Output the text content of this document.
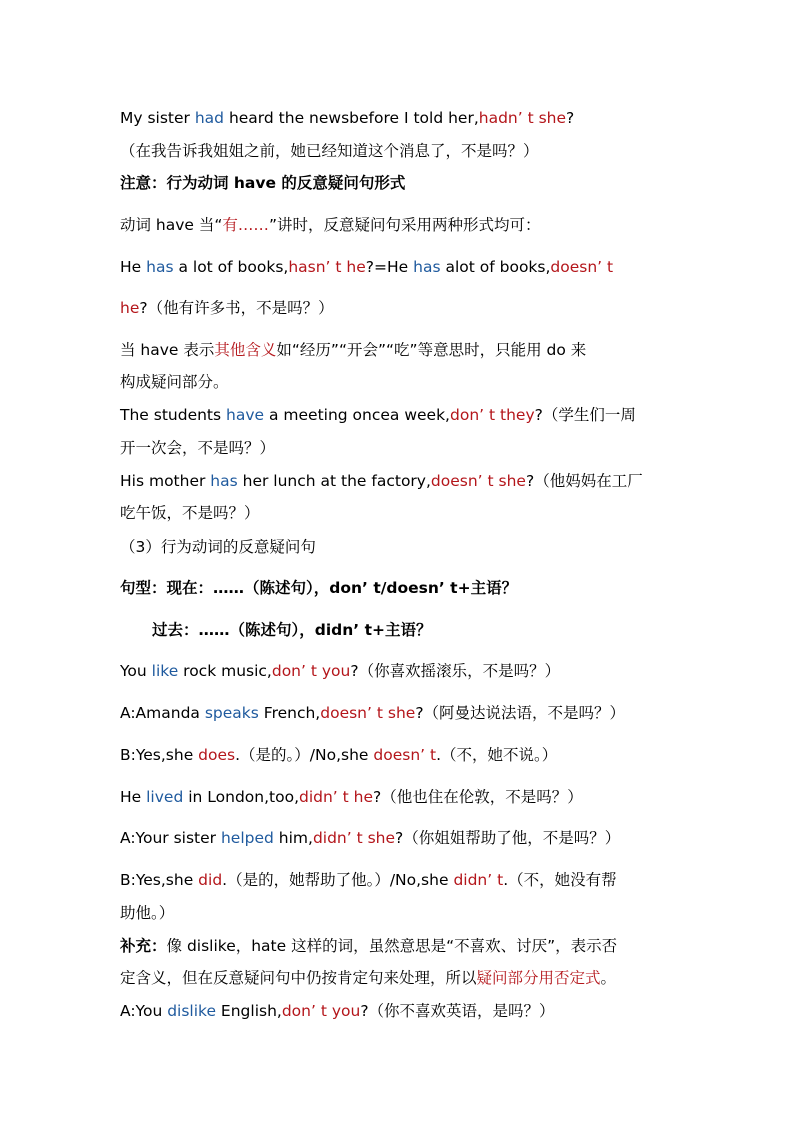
My sister had heard the newsbefore I told her,hadn’ t she?
（在我告诉我姐姐之前，她已经知道这个消息了，不是吗？）
注意：行为动词 have 的反意疑问句形式
动词 have 当“有……”讲时，反意疑问句采用两种形式均可：
He has a lot of books,hasn’ t he?=He has alot of books,doesn’ t
he?（他有许多书，不是吗？）
当 have 表示其他含义如“经历”“开会”“吃”等意思时，只能用 do 来
构成疑问部分。
The students have a meeting oncea week,don’ t they?（学生们一周
开一次会，不是吗？）
His mother has her lunch at the factory,doesn’ t she?（他妈妈在工厂
吃午饭，不是吗？）
（3）行为动词的反意疑问句
句型：现在：……（陈述句），don’ t/doesn’ t+主语？
过去：……（陈述句），didn’ t+主语？
You like rock music,don’ t you?（你喜欢摇滚乐，不是吗？）
A:Amanda speaks French,doesn’ t she?（阿曼达说法语，不是吗？）
B:Yes,she does.（是的。）/No,she doesn’ t.（不，她不说。）
He lived in London,too,didn’ t he?（他也住在伦敦，不是吗？）
A:Your sister helped him,didn’ t she?（你姐姐帮助了他，不是吗？）
B:Yes,she did.（是的，她帮助了他。）/No,she didn’ t.（不，她没有帮
助他。）
补充：像 dislike，hate 这样的词，虽然意思是“不喜欢、讨厌”，表示否
定含义，但在反意疑问句中仍按肯定句来处理，所以疑问部分用否定式。
A:You dislike English,don’ t you?（你不喜欢英语，是吗？）
